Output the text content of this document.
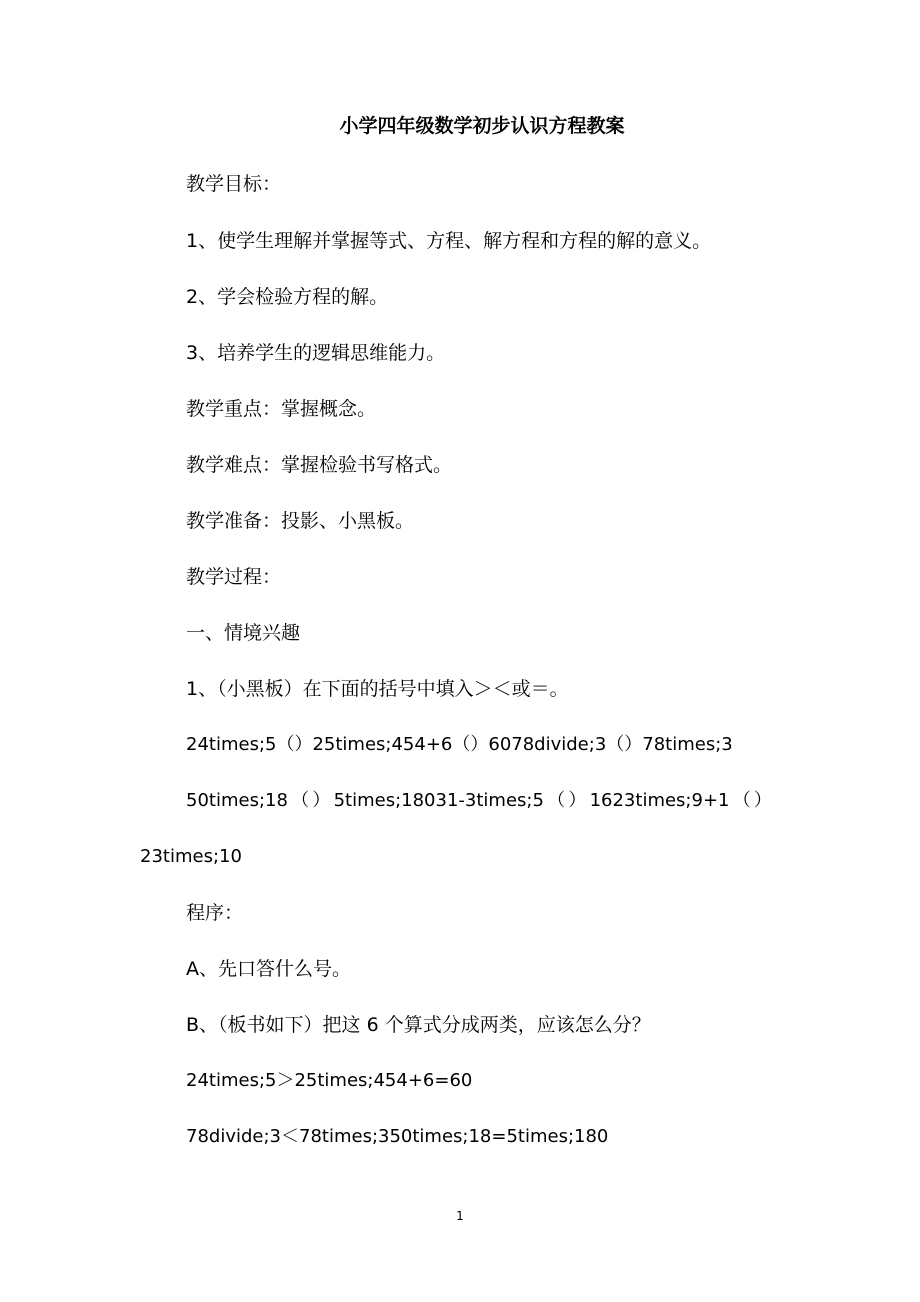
小学四年级数学初步认识方程教案

教学目标：

1、使学生理解并掌握等式、方程、解方程和方程的解的意义。

2、学会检验方程的解。

3、培养学生的逻辑思维能力。

教学重点：掌握概念。

教学难点：掌握检验书写格式。

教学准备：投影、小黑板。

教学过程：

一、情境兴趣

1、（小黑板）在下面的括号中填入＞＜或＝。

24times;5（）25times;454+6（）6078divide;3（）78times;3

50times;18 （ ） 5times;18031-3times;5 （ ） 1623times;9+1 （ ）

23times;10

程序：

A、先口答什么号。

B、（板书如下）把这 6 个算式分成两类，应该怎么分？

24times;5＞25times;454+6=60

78divide;3＜78times;350times;18=5times;180

1
